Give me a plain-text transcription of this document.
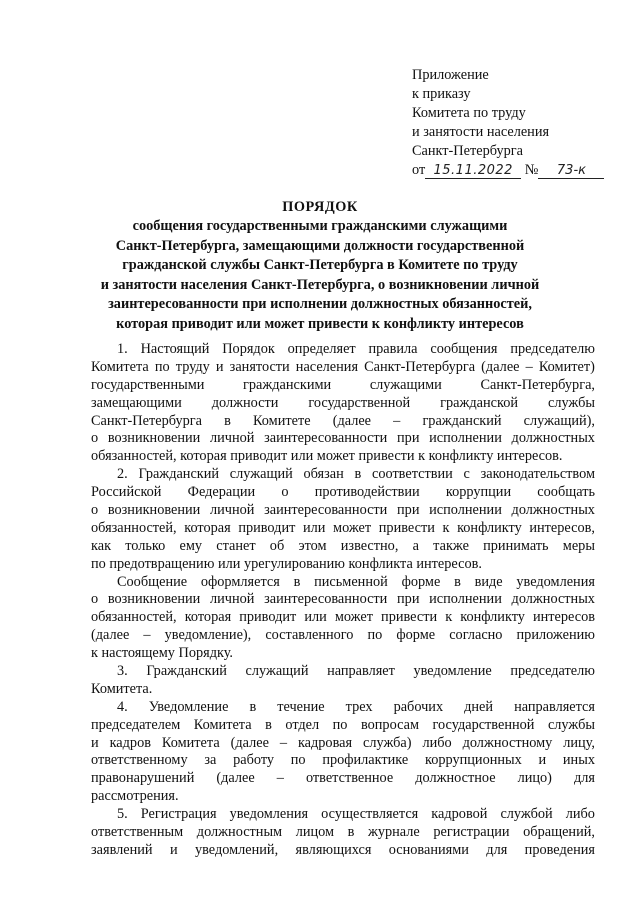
Приложение
к приказу
Комитета по труду
и занятости населения
Санкт-Петербурга
от 15.11.2022 № 73-к
ПОРЯДОК
сообщения государственными гражданскими служащими
Санкт-Петербурга, замещающими должности государственной
гражданской службы Санкт-Петербурга в Комитете по труду
и занятости населения Санкт-Петербурга, о возникновении личной
заинтересованности при исполнении должностных обязанностей,
которая приводит или может привести к конфликту интересов
1. Настоящий Порядок определяет правила сообщения председателю
Комитета по труду и занятости населения Санкт-Петербурга (далее – Комитет)
государственными	гражданскими	служащими	Санкт-Петербурга,
замещающими должности государственной гражданской службы
Санкт-Петербурга в Комитете (далее – гражданский служащий),
о возникновении личной заинтересованности при исполнении должностных
обязанностей, которая приводит или может привести к конфликту интересов.
2. Гражданский служащий обязан в соответствии с законодательством
Российской Федерации о противодействии коррупции сообщать
о возникновении личной заинтересованности при исполнении должностных
обязанностей, которая приводит или может привести к конфликту интересов,
как только ему станет об этом известно, а также принимать меры
по предотвращению или урегулированию конфликта интересов.
Сообщение оформляется в письменной форме в виде уведомления
о возникновении личной заинтересованности при исполнении должностных
обязанностей, которая приводит или может привести к конфликту интересов
(далее – уведомление), составленного по форме согласно приложению
к настоящему Порядку.
3. Гражданский служащий направляет уведомление председателю
Комитета.
4. Уведомление в течение трех рабочих дней направляется
председателем Комитета в отдел по вопросам государственной службы
и кадров Комитета (далее – кадровая служба) либо должностному лицу,
ответственному за работу по профилактике коррупционных и иных
правонарушений (далее – ответственное должностное лицо) для
рассмотрения.
5. Регистрация уведомления осуществляется кадровой службой либо
ответственным должностным лицом в журнале регистрации обращений,
заявлений и уведомлений, являющихся основаниями для проведения
